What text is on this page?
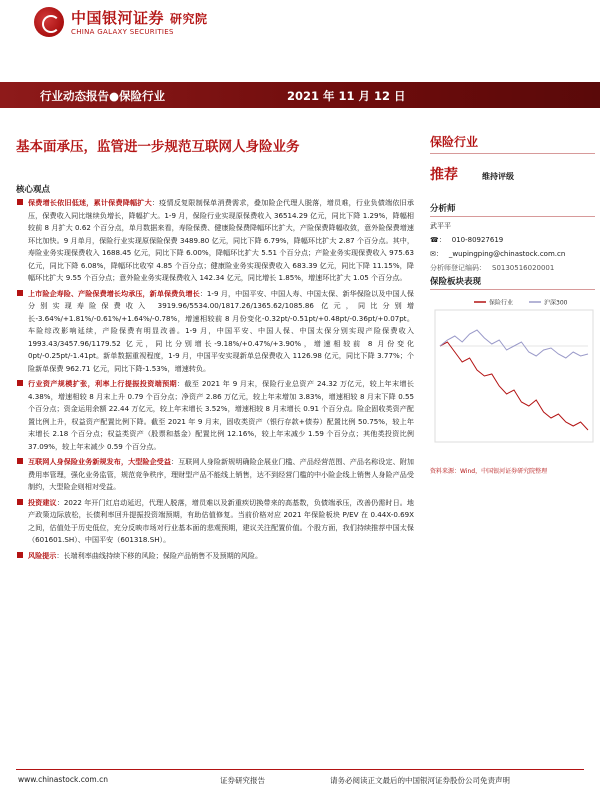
中国银河证券 研究院
CHINA GALAXY SECURITIES
行业动态报告●保险行业	2021 年 11 月 12 日
基本面承压，监管进一步规范互联网人身险业务	保险行业
推荐	维持评级
分析师
武平平
☎： 010-80927619
✉： _wupingping@chinastock.com.cn
分析师登记编码： S0130516020001
保险板块表现
保险行业	沪深300
资料来源：Wind，中国银河证券研究院整理
核心观点
保费增长依旧低迷，累计保费降幅扩大：疫情反复限制保单消费需求，叠加险企代理人脱落，增员难，行业负债端依旧承压，保费收入同比继续负增长，降幅扩大。1-9 月，保险行业实现原保费收入 36514.29 亿元，同比下降 1.29%，降幅相较前 8 月扩大 0.62 个百分点，单月数据来看，寿险保费、健康险保费降幅环比扩大，产险保费降幅收敛，意外险保费增速环比加快。9 月单月，保险行业实现原保险保费 3489.80 亿元，同比下降 6.79%，降幅环比扩大 2.87 个百分点。其中，寿险业务实现保费收入 1688.45 亿元，同比下降 6.00%，降幅环比扩大 5.51 个百分点；产险业务实现保费收入 975.63 亿元，同比下降 6.08%，降幅环比收窄 4.85 个百分点；健康险业务实现保费收入 683.39 亿元，同比下降 11.15%，降幅环比扩大 9.55 个百分点；意外险业务实现保费收入 142.34 亿元，同比增长 1.85%，增速环比扩大 1.05 个百分点。
上市险企寿险、产险保费增长均承压，新单保费负增长：1-9 月，中国平安、中国人寿、中国太保、新华保险以及中国人保分别实现寿险保费收入 3919.96/5534.00/1817.26/1365.62/1085.86 亿元，同比分别增长-3.64%/+1.81%/-0.61%/+1.64%/-0.78%，增速相较前 8 月份变化-0.32pt/-0.51pt/+0.48pt/-0.36pt/+0.07pt。车险综改影响延续，产险保费有明显改善。1-9 月，中国平安、中国人保、中国太保分别实现产险保费收入 1993.43/3457.96/1179.52 亿元，同比分别增长-9.18%/+0.47%/+3.90%，增速相较前 8 月份变化 0pt/-0.25pt/-1.41pt。新单数据重视程度，1-9 月，中国平安实现新单总保费收入 1126.98 亿元，同比下降 3.77%；个险新单保费 962.71 亿元，同比下降-1.53%，增速转负。
行业资产规模扩张，利率上行提振投资端预期：截至 2021 年 9 月末，保险行业总资产 24.32 万亿元，较上年末增长 4.38%，增速相较 8 月末上升 0.79 个百分点；净资产 2.86 万亿元，较上年末增加 3.83%，增速相较 8 月末下降 0.55 个百分点；资金运用余额 22.44 万亿元，较上年末增长 3.52%，增速相较 8 月末增长 0.91 个百分点。险企固收类资产配置比例上升，权益资产配置比例下降。截至 2021 年 9 月末，固收类资产（银行存款+债券）配置比例 50.75%，较上年末增长 2.18 个百分点；权益类资产（股票和基金）配置比例 12.16%，较上年末减少 1.59 个百分点；其他类投资比例 37.09%，较上年末减少 0.59 个百分点。
互联网人身保险业务新规发布，大型险企受益：互联网人身险新规明确险企展业门槛、产品经营范围、产品名称设定、附加费用率管理，强化业务监管，规范竞争秩序，理财型产品不能线上销售，达不到经营门槛的中小险企线上销售人身险产品受制约，大型险企则相对受益。
投资建议：2022 年开门红启动延迟，代理人脱落，增员难以及新重疾切换带来的高基数，负债端承压，改善仍需时日。地产政策边际放松，长债利率回升提振投资端预期，有助估值修复。当前价格对应 2021 年保险板块 P/EV 在 0.44X-0.69X 之间，估值处于历史低位，充分反映市场对行业基本面的悲观预期，建议关注配置价值。个股方面，我们持续推荐中国太保（601601.SH）、中国平安（601318.SH）。
风险提示：长端利率曲线持续下移的风险；保险产品销售不及预期的风险。
www.chinastock.com.cn	证券研究报告	请务必阅读正文最后的中国银河证券股份公司免责声明
